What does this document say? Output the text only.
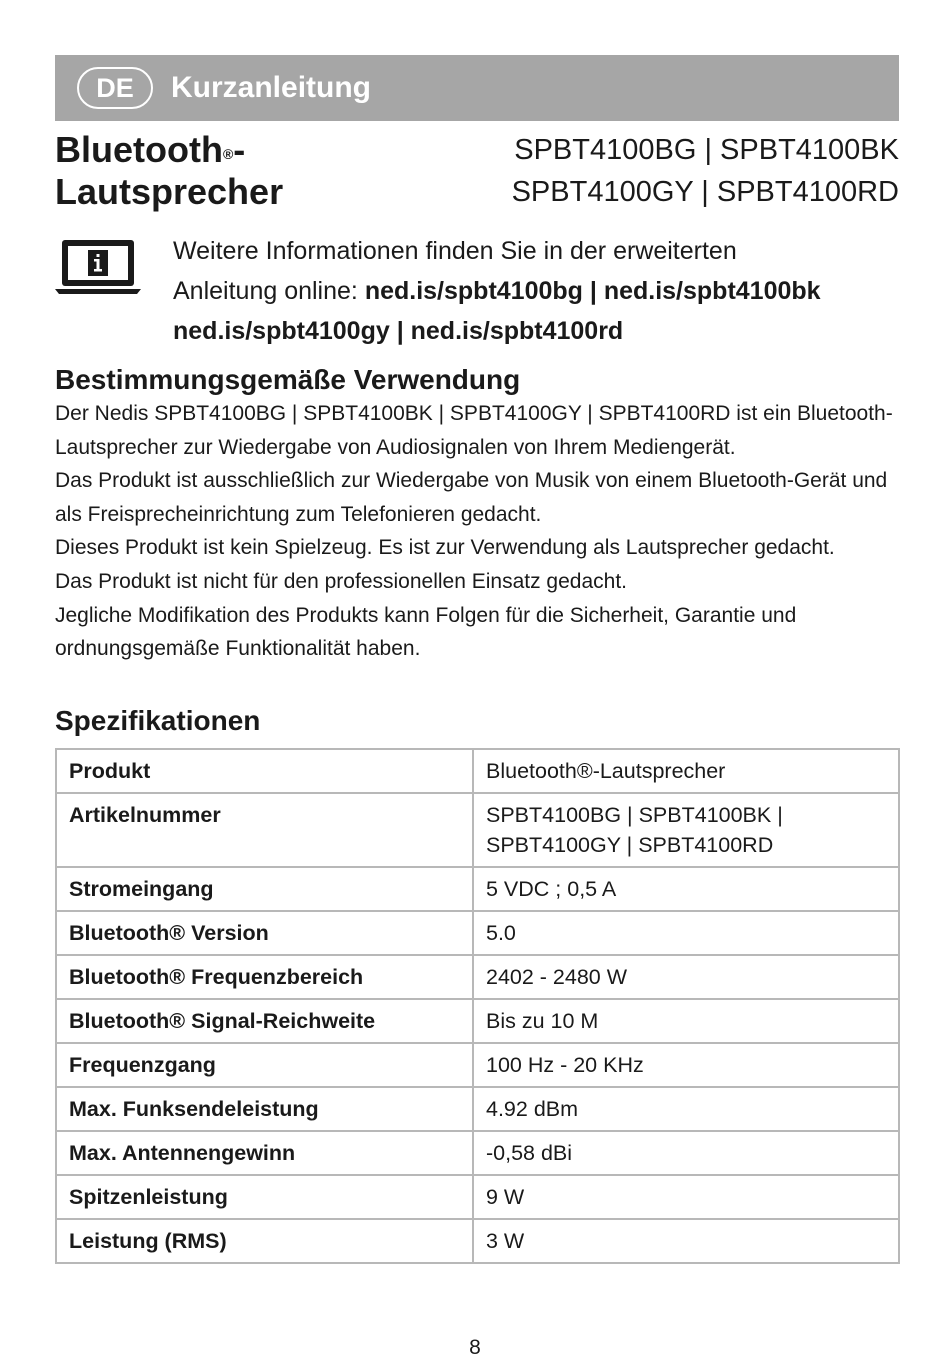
DE	Kurzanleitung
Bluetooth®-
Lautsprecher
SPBT4100BG | SPBT4100BK
SPBT4100GY | SPBT4100RD
Weitere Informationen finden Sie in der erweiterten
Anleitung online: ned.is/spbt4100bg | ned.is/spbt4100bk
ned.is/spbt4100gy | ned.is/spbt4100rd
Bestimmungsgemäße Verwendung

Der Nedis SPBT4100BG | SPBT4100BK | SPBT4100GY | SPBT4100RD ist ein Bluetooth-Lautsprecher zur Wiedergabe von Audiosignalen von Ihrem Mediengerät.

Das Produkt ist ausschließlich zur Wiedergabe von Musik von einem Bluetooth-Gerät und als Freisprecheinrichtung zum Telefonieren gedacht.

Dieses Produkt ist kein Spielzeug. Es ist zur Verwendung als Lautsprecher gedacht.

Das Produkt ist nicht für den professionellen Einsatz gedacht.

Jegliche Modifikation des Produkts kann Folgen für die Sicherheit, Garantie und ordnungsgemäße Funktionalität haben.

Spezifikationen
Produkt	Bluetooth®-Lautsprecher
Artikelnummer	SPBT4100BG | SPBT4100BK |
SPBT4100GY | SPBT4100RD

Stromeingang	5 VDC ; 0,5 A
Bluetooth® Version	5.0
Bluetooth® Frequenzbereich	2402 - 2480 W
Bluetooth® Signal-Reichweite	Bis zu 10 M
Frequenzgang	100 Hz - 20 KHz
Max. Funksendeleistung	4.92 dBm
Max. Antennengewinn	-0,58 dBi
Spitzenleistung	9 W
Leistung (RMS)	3 W
8
